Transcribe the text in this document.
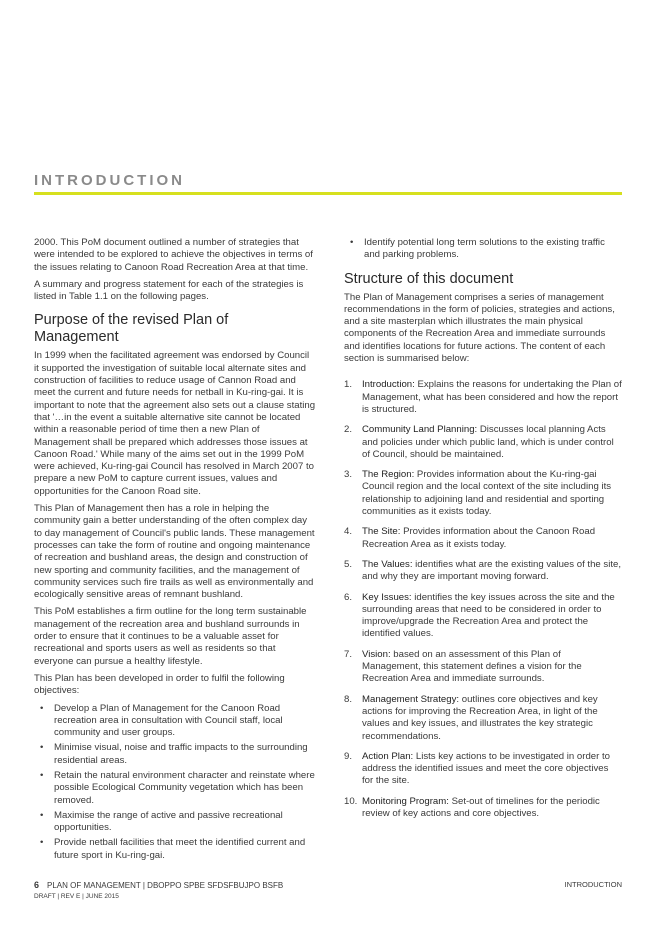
INTRODUCTION

2000. This PoM document outlined a number of strategies that were intended to be explored to achieve the objectives in terms of the issues relating to Canoon Road Recreation Area at that time.

A summary and progress statement for each of the strategies is listed in Table 1.1 on the following pages.

Purpose of the revised Plan of Management

In 1999 when the facilitated agreement was endorsed by Council it supported the investigation of suitable local alternate sites and construction of facilities to reduce usage of Cannon Road and meet the current and future needs for netball in Ku-ring-gai. It is important to note that the agreement also sets out a clause stating that '…in the event a suitable alternative site cannot be located within a reasonable period of time then a new Plan of Management shall be prepared which addresses those issues at Canoon Road.' While many of the aims set out in the 1999 PoM were achieved, Ku-ring-gai Council has resolved in March 2007 to prepare a new PoM to capture current issues, values and opportunities for the Canoon Road site.

This Plan of Management then has a role in helping the community gain a better understanding of the often complex day to day management of Council's public lands. These management processes can take the form of routine and ongoing maintenance of recreation and bushland areas, the design and construction of new sporting and community facilities, and the management of community services such fire trails as well as environmentally and ecologically sensitive areas of remnant bushland.

This PoM establishes a firm outline for the long term sustainable management of the recreation area and bushland surrounds in order to ensure that it continues to be a valuable asset for recreational and sports users as well as residents so that everyone can pursue a healthy lifestyle.

This Plan has been developed in order to fulfil the following objectives:

• Develop a Plan of Management for the Canoon Road recreation area in consultation with Council staff, local community and user groups.
• Minimise visual, noise and traffic impacts to the surrounding residential areas.
• Retain the natural environment character and reinstate where possible Ecological Community vegetation which has been removed.
• Maximise the range of active and passive recreational opportunities.
• Provide netball facilities that meet the identified current and future sport in Ku-ring-gai.
• Identify potential long term solutions to the existing traffic and parking problems.
Structure of this document

The Plan of Management comprises a series of management recommendations in the form of policies, strategies and actions, and a site masterplan which illustrates the main physical components of the Recreation Area and immediate surrounds and identifies locations for future actions. The content of each section is summarised below:

1. Introduction: Explains the reasons for undertaking the Plan of Management, what has been considered and how the report is structured.
2. Community Land Planning: Discusses local planning Acts and policies under which public land, which is under control of Council, should be maintained.
3. The Region: Provides information about the Ku-ring-gai Council region and the local context of the site including its relationship to adjoining land and residential and sporting communities as it exists today.
4. The Site: Provides information about the Canoon Road Recreation Area as it exists today.
5. The Values: identifies what are the existing values of the site, and why they are important moving forward.
6. Key Issues: identifies the key issues across the site and the surrounding areas that need to be considered in order to improve/upgrade the Recreation Area and protect the identified values.
7. Vision: based on an assessment of this Plan of Management, this statement defines a vision for the Recreation Area and immediate surrounds.
8. Management Strategy: outlines core objectives and key actions for improving the Recreation Area, in light of the values and key issues, and illustrates the key strategic recommendations.
9. Action Plan: Lists key actions to be investigated in order to address the identified issues and meet the core objectives for the site.
10. Monitoring Program: Set-out of timelines for the periodic review of key actions and core objectives.
6 PLAN OF MANAGEMENT | DBOPPO SPBE SFDSFBUJPO BSFB
DRAFT | REV E | JUNE 2015
INTRODUCTION
